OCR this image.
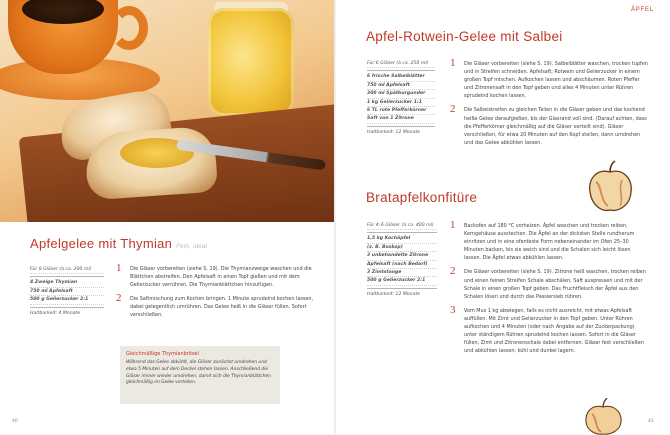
Apfelgelee mit Thymian Fein, ideal
Für 8 Gläser (à ca. 200 ml)
4 Zweige Thymian
750 ml Apfelsaft
500 g Gelierzucker 2:1
Haltbarkeit: 4 Monate
1 Die Gläser vorbereiten (siehe S. 19). Die Thymianzweige waschen und die Blättchen abstreifen. Den Apfelsaft in einen Topf gießen und mit dem Gelierzucker verrühren. Die Thymianblättchen hinzufügen.
2 Die Saftmischung zum Kochen bringen. 1 Minute sprudelnd kochen lassen, dabei gelegentlich umrühren. Das Gelee heiß in die Gläser füllen. Sofort verschließen.
Gleichmäßige Thymianbrösel
Während das Gelee abkühlt, die Gläser zunächst umdrehen und etwa 5 Minuten auf dem Deckel stehen lassen. Anschließend die Gläser immer wieder umdrehen, damit sich die Thymianblättchen gleichmäßig im Gelee verteilen.
40
ÄPFEL
Apfel-Rotwein-Gelee mit Salbei
Für 6 Gläser (à ca. 250 ml)
6 frische Salbeiblätter
750 ml Apfelsaft
300 ml Spätburgunder
1 kg Gelierzucker 1:1
6 TL rote Pfefferkörner
Saft von 1 Zitrone
Haltbarkeit: 12 Monate
1 Die Gläser vorbereiten (siehe S. 19). Salbeiblätter waschen, trocken tupfen und in Streifen schneiden. Apfelsaft, Rotwein und Gelierzucker in einem großen Topf mischen. Aufkochen lassen und abschäumen. Roten Pfeffer und Zitronensaft in den Topf geben und alles 4 Minuten unter Rühren sprudelnd kochen lassen.
2 Die Salbeistreifen zu gleichen Teilen in die Gläser geben und das kochend heiße Gelee daraufgießen, bis der Glasrand voll sind. (Darauf achten, dass die Pfefferkörner gleichmäßig auf die Gläser verteilt sind). Gläser verschließen, für etwa 20 Minuten auf den Kopf stellen, dann umdrehen und das Gelee abkühlen lassen.
Bratapfelkonfitüre
Für 4–6 Gläser (à ca. 400 ml)
1,5 kg Kochäpfel
(z. B. Boskop)
3 unbehandelte Zitrone
Apfelsaft (nach Bedarf)
3 Zimtstange
500 g Gelierzucker 2:1
Haltbarkeit: 12 Monate
1 Backofen auf 180 °C vorheizen. Äpfel waschen und trocken reiben, Kerngehäuse ausstechen. Die Äpfel an der dicksten Stelle rundherum einritzen und in eine ofenfeste Form nebeneinander im Ofen 25–30 Minuten backen, bis sie weich sind und die Schalen sich leicht lösen lassen. Die Äpfel etwas abkühlen lassen.
2 Die Gläser vorbereiten (siehe S. 19). Zitrone heiß waschen, trocken reiben und einen feinen Streifen Schale abschälen, Saft auspressen und mit der Schale in einen großen Topf geben. Das Fruchtfleisch der Äpfel aus den Schalen lösen und durch das Passiersieb rühren.
3 Vom Mus 1 kg abwiegen, falls es nicht ausreicht, mit etwas Apfelsaft auffüllen. Mit Zimt und Gelierzucker in den Topf geben. Unter Rühren aufkochen und 4 Minuten (oder nach Angabe auf der Zuckerpackung) unter ständigem Rühren sprudelnd kochen lassen. Sofort in die Gläser füllen, Zimt und Zitronenschale dabei entfernen. Gläser fest verschließen und abkühlen lassen; kühl und dunkel lagern.
41
